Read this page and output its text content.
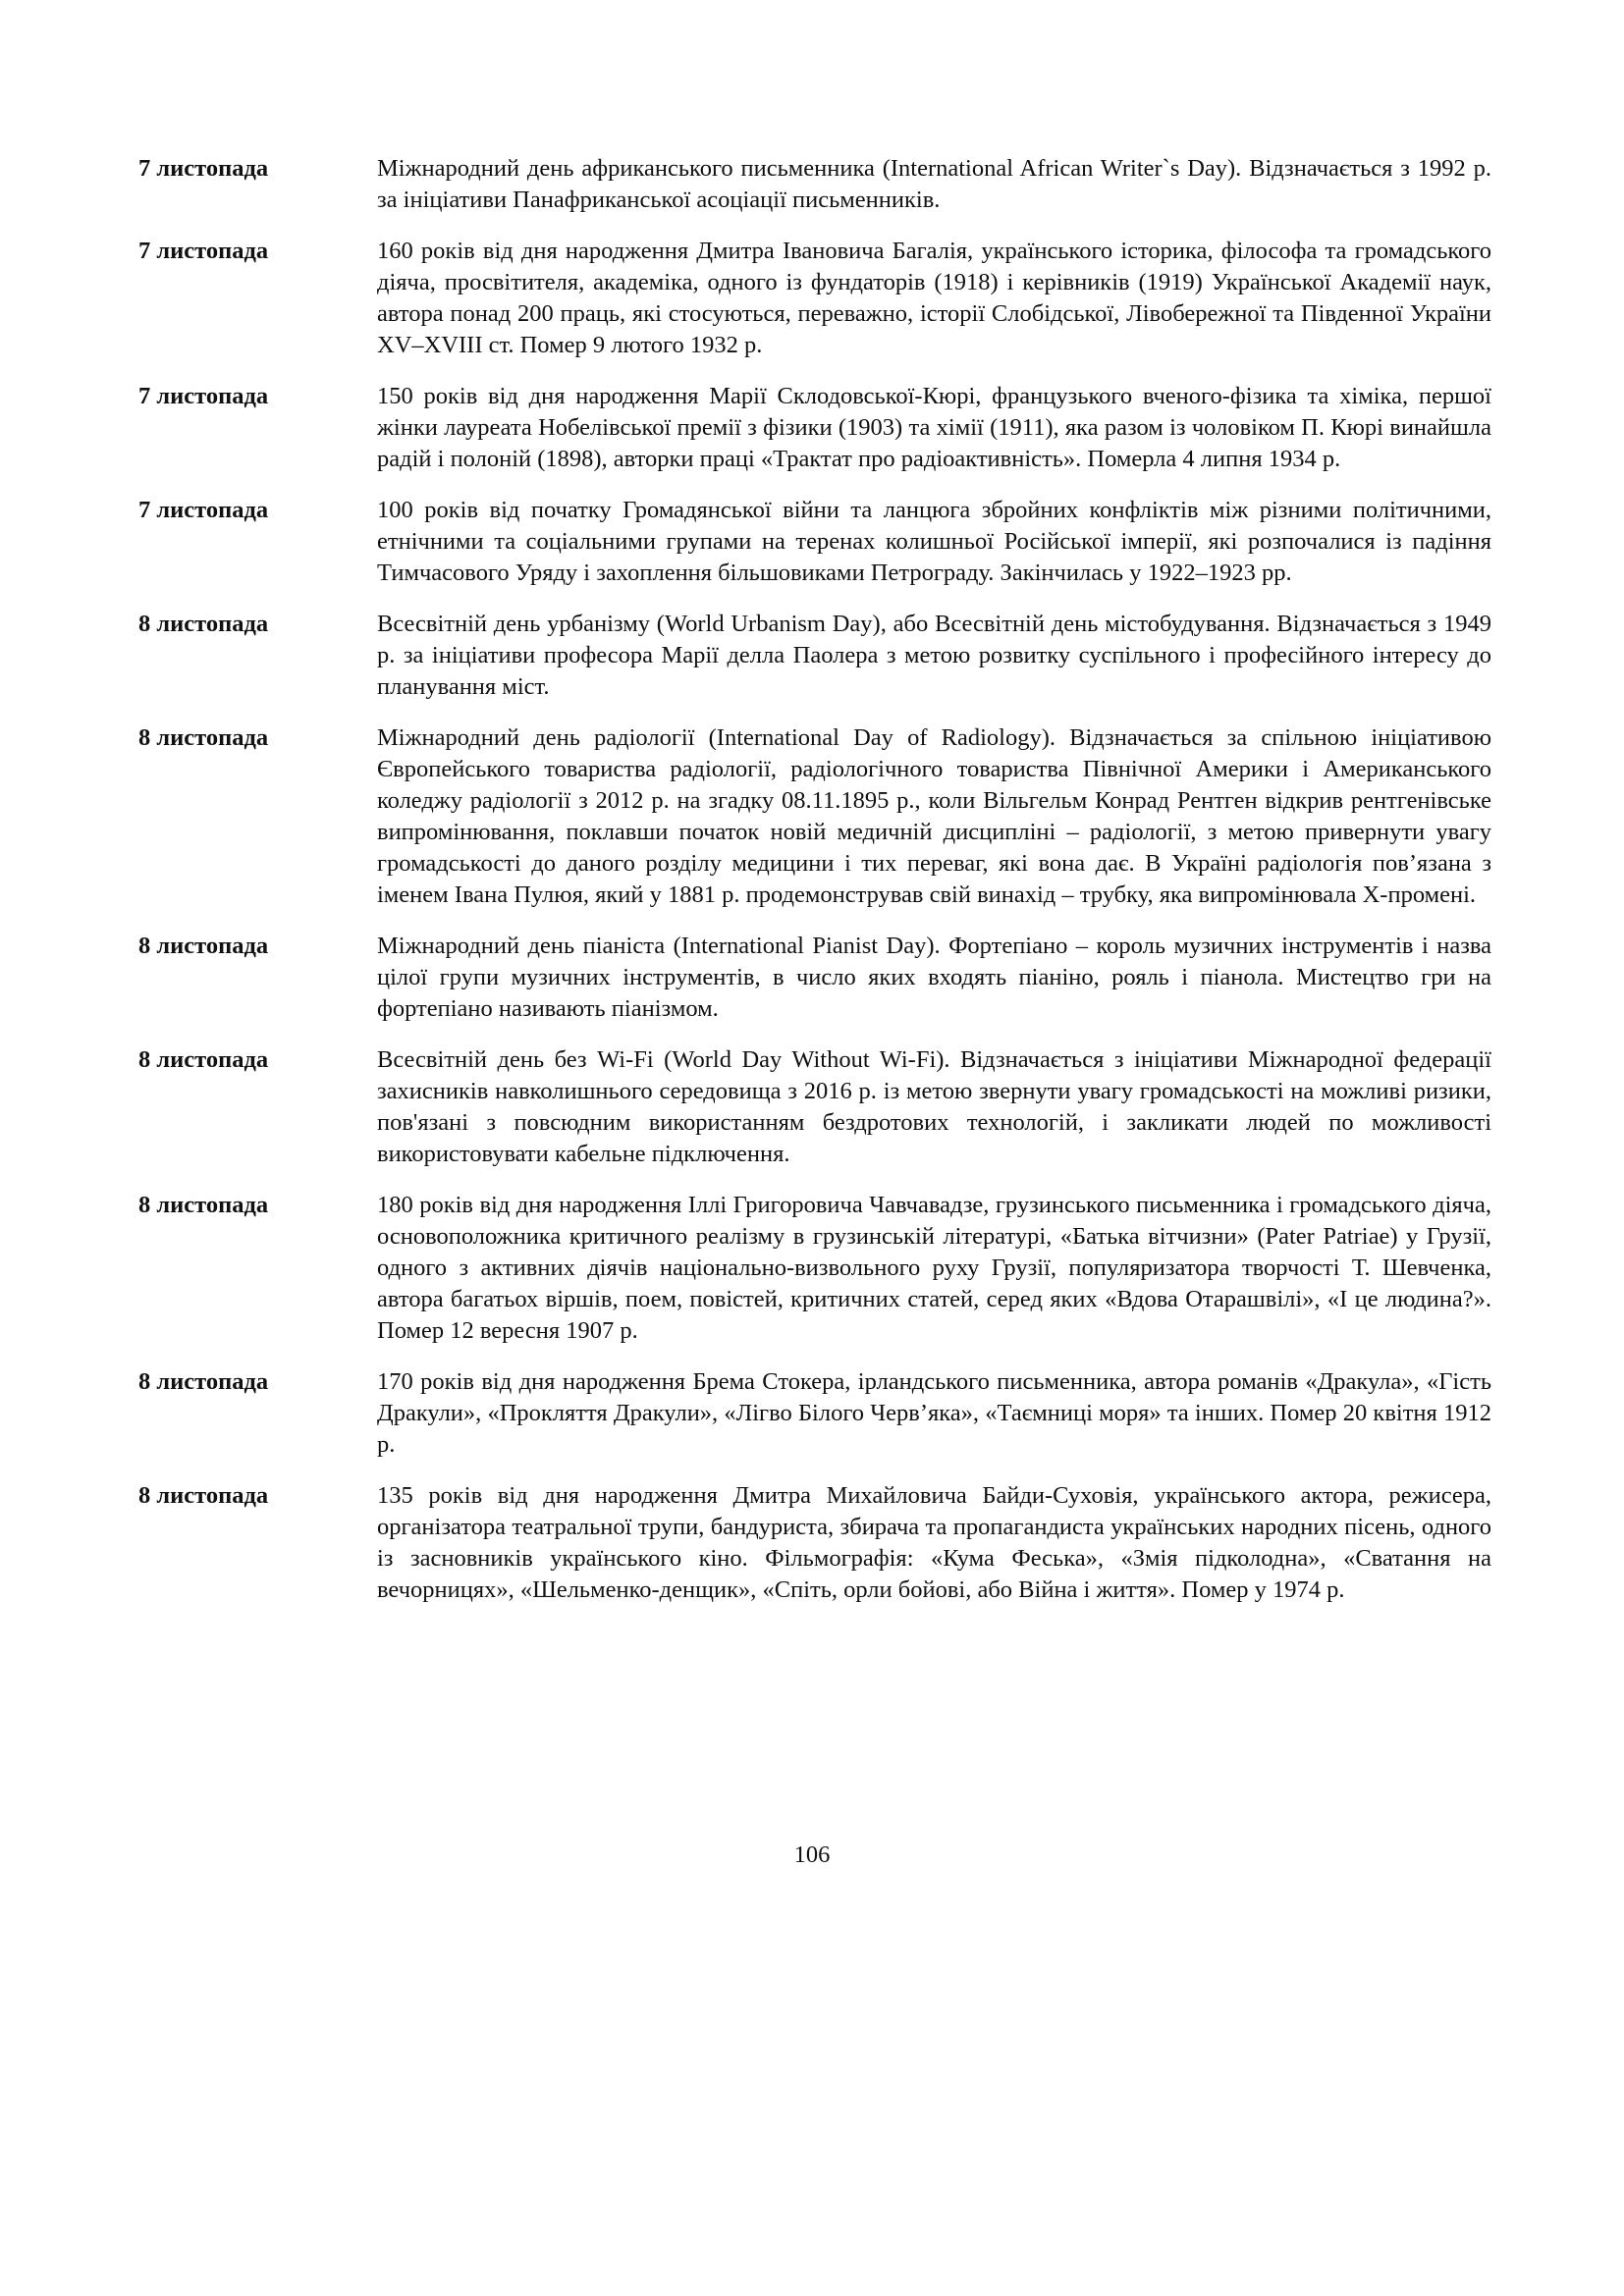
7 листопада	Міжнародний день африканського письменника (International African Writer`s Day). Відзначається з 1992 р. за ініціативи Панафриканської асоціації письменників.
7 листопада	160 років від дня народження Дмитра Івановича Багалія, українського історика, філософа та громадського діяча, просвітителя, академіка, одного із фундаторів (1918) і керівників (1919) Української Академії наук, автора понад 200 праць, які стосуються, переважно, історії Слобідської, Лівобережної та Південної України XV–XVIII ст. Помер 9 лютого 1932 р.
7 листопада	150 років від дня народження Марії Склодовської-Кюрі, французького вченого-фізика та хіміка, першої жінки лауреата Нобелівської премії з фізики (1903) та хімії (1911), яка разом із чоловіком П. Кюрі винайшла радій і полоній (1898), авторки праці «Трактат про радіоактивність». Померла 4 липня 1934 р.
7 листопада	100 років від початку Громадянської війни та ланцюга збройних конфліктів між різними політичними, етнічними та соціальними групами на теренах колишньої Російської імперії, які розпочалися із падіння Тимчасового Уряду і захоплення більшовиками Петрограду. Закінчилась у 1922–1923 рр.
8 листопада	Всесвітній день урбанізму (World Urbanism Day), або Всесвітній день містобудування. Відзначається з 1949 р. за ініціативи професора Марії делла Паолера з метою розвитку суспільного і професійного інтересу до планування міст.
8 листопада	Міжнародний день радіології (International Day of Radiology). Відзначається за спільною ініціативою Європейського товариства радіології, радіологічного товариства Північної Америки і Американського коледжу радіології з 2012 р. на згадку 08.11.1895 р., коли Вільгельм Конрад Рентген відкрив рентгенівське випромінювання, поклавши початок новій медичній дисципліні – радіології, з метою привернути увагу громадськості до даного розділу медицини і тих переваг, які вона дає. В Україні радіологія пов’язана з іменем Івана Пулюя, який у 1881 р. продемонстрував свій винахід – трубку, яка випромінювала Х-промені.
8 листопада	Міжнародний день піаніста (International Pianist Day). Фортепіано – король музичних інструментів і назва цілої групи музичних інструментів, в число яких входять піаніно, рояль і піанола. Мистецтво гри на фортепіано називають піанізмом.
8 листопада	Всесвітній день без Wi-Fi (World Day Without Wi-Fi). Відзначається з ініціативи Міжнародної федерації захисників навколишнього середовища з 2016 р. із метою звернути увагу громадськості на можливі ризики, пов'язані з повсюдним використанням бездротових технологій, і закликати людей по можливості використовувати кабельне підключення.
8 листопада	180 років від дня народження Іллі Григоровича Чавчавадзе, грузинського письменника і громадського діяча, основоположника критичного реалізму в грузинській літературі, «Батька вітчизни» (Pater Patriae) у Грузії, одного з активних діячів національно-визвольного руху Грузії, популяризатора творчості Т. Шевченка, автора багатьох віршів, поем, повістей, критичних статей, серед яких «Вдова Отарашвілі», «І це людина?». Помер 12 вересня 1907 р.
8 листопада	170 років від дня народження Брема Стокера, ірландського письменника, автора романів «Дракула», «Гість Дракули», «Прокляття Дракули», «Лігво Білого Черв’яка», «Таємниці моря» та інших. Помер 20 квітня 1912 р.
8 листопада	135 років від дня народження Дмитра Михайловича Байди-Суховія, українського актора, режисера, організатора театральної трупи, бандуриста, збирача та пропагандиста українських народних пісень, одного із засновників українського кіно. Фільмографія: «Кума Феська», «Змія підколодна», «Сватання на вечорницях», «Шельменко-денщик», «Спіть, орли бойові, або Війна і життя». Помер у 1974 р.
106
